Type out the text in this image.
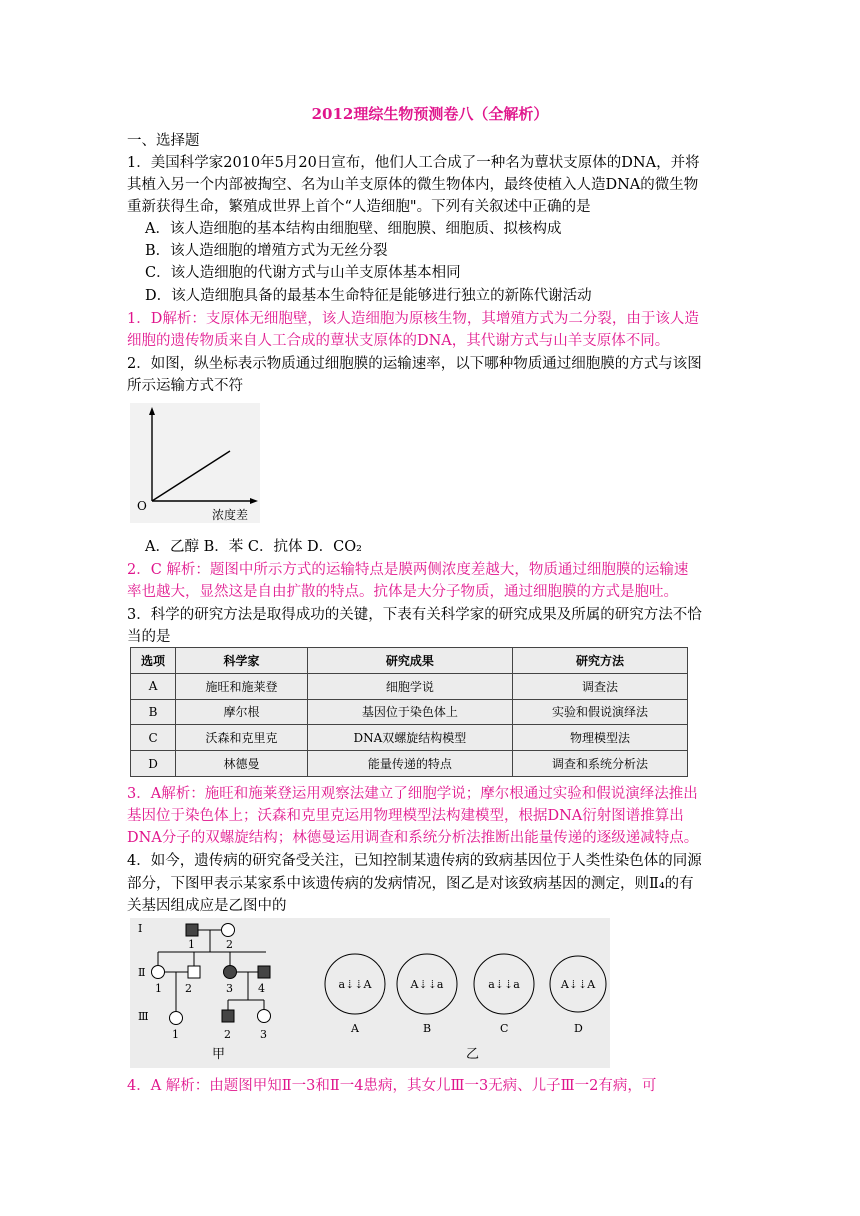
2012理综生物预测卷八（全解析）
一、选择题
1．美国科学家2010年5月20日宣布，他们人工合成了一种名为蕈状支原体的DNA，并将
其植入另一个内部被掏空、名为山羊支原体的微生物体内，最终使植入人造DNA的微生物
重新获得生命，繁殖成世界上首个“人造细胞"。下列有关叙述中正确的是
A．该人造细胞的基本结构由细胞壁、细胞膜、细胞质、拟核构成
B．该人造细胞的增殖方式为无丝分裂
C．该人造细胞的代谢方式与山羊支原体基本相同
D．该人造细胞具备的最基本生命特征是能够进行独立的新陈代谢活动
1．D解析：支原体无细胞壁，该人造细胞为原核生物，其增殖方式为二分裂，由于该人造
细胞的遗传物质来自人工合成的蕈状支原体的DNA，其代谢方式与山羊支原体不同。
2．如图，纵坐标表示物质通过细胞膜的运输速率，以下哪种物质通过细胞膜的方式与该图
所示运输方式不符
O
浓度差
A．乙醇 B．苯 C．抗体 D．CO₂
2．C 解析：题图中所示方式的运输特点是膜两侧浓度差越大，物质通过细胞膜的运输速
率也越大，显然这是自由扩散的特点。抗体是大分子物质，通过细胞膜的方式是胞吐。
3．科学的研究方法是取得成功的关键，下表有关科学家的研究成果及所属的研究方法不恰
当的是
选项	科学家	研究成果	研究方法
A	施旺和施莱登	细胞学说	调查法
B	摩尔根	基因位于染色体上	实验和假说演绎法
C	沃森和克里克	DNA双螺旋结构模型	物理模型法
D	林德曼	能量传递的特点	调查和系统分析法
3．A解析：施旺和施莱登运用观察法建立了细胞学说；摩尔根通过实验和假说演绎法推出
基因位于染色体上；沃森和克里克运用物理模型法构建模型，根据DNA衍射图谱推算出
DNA分子的双螺旋结构；林德曼运用调查和系统分析法推断出能量传递的逐级递减特点。
4．如今，遗传病的研究备受关注，已知控制某遗传病的致病基因位于人类性染色体的同源
部分，下图甲表示某家系中该遗传病的发病情况，图乙是对该致病基因的测定，则Ⅱ₄的有
关基因组成应是乙图中的
Ⅰ
Ⅱ
Ⅲ
1	2
1 2	3 4
1	2	3
甲
a⇣⇣A	A⇣⇣a	a⇣⇣a	A⇣⇣A
A	B	C	D
乙
4．A 解析：由题图甲知Ⅱ一3和Ⅱ一4患病，其女儿Ⅲ一3无病、儿子Ⅲ一2有病，可
